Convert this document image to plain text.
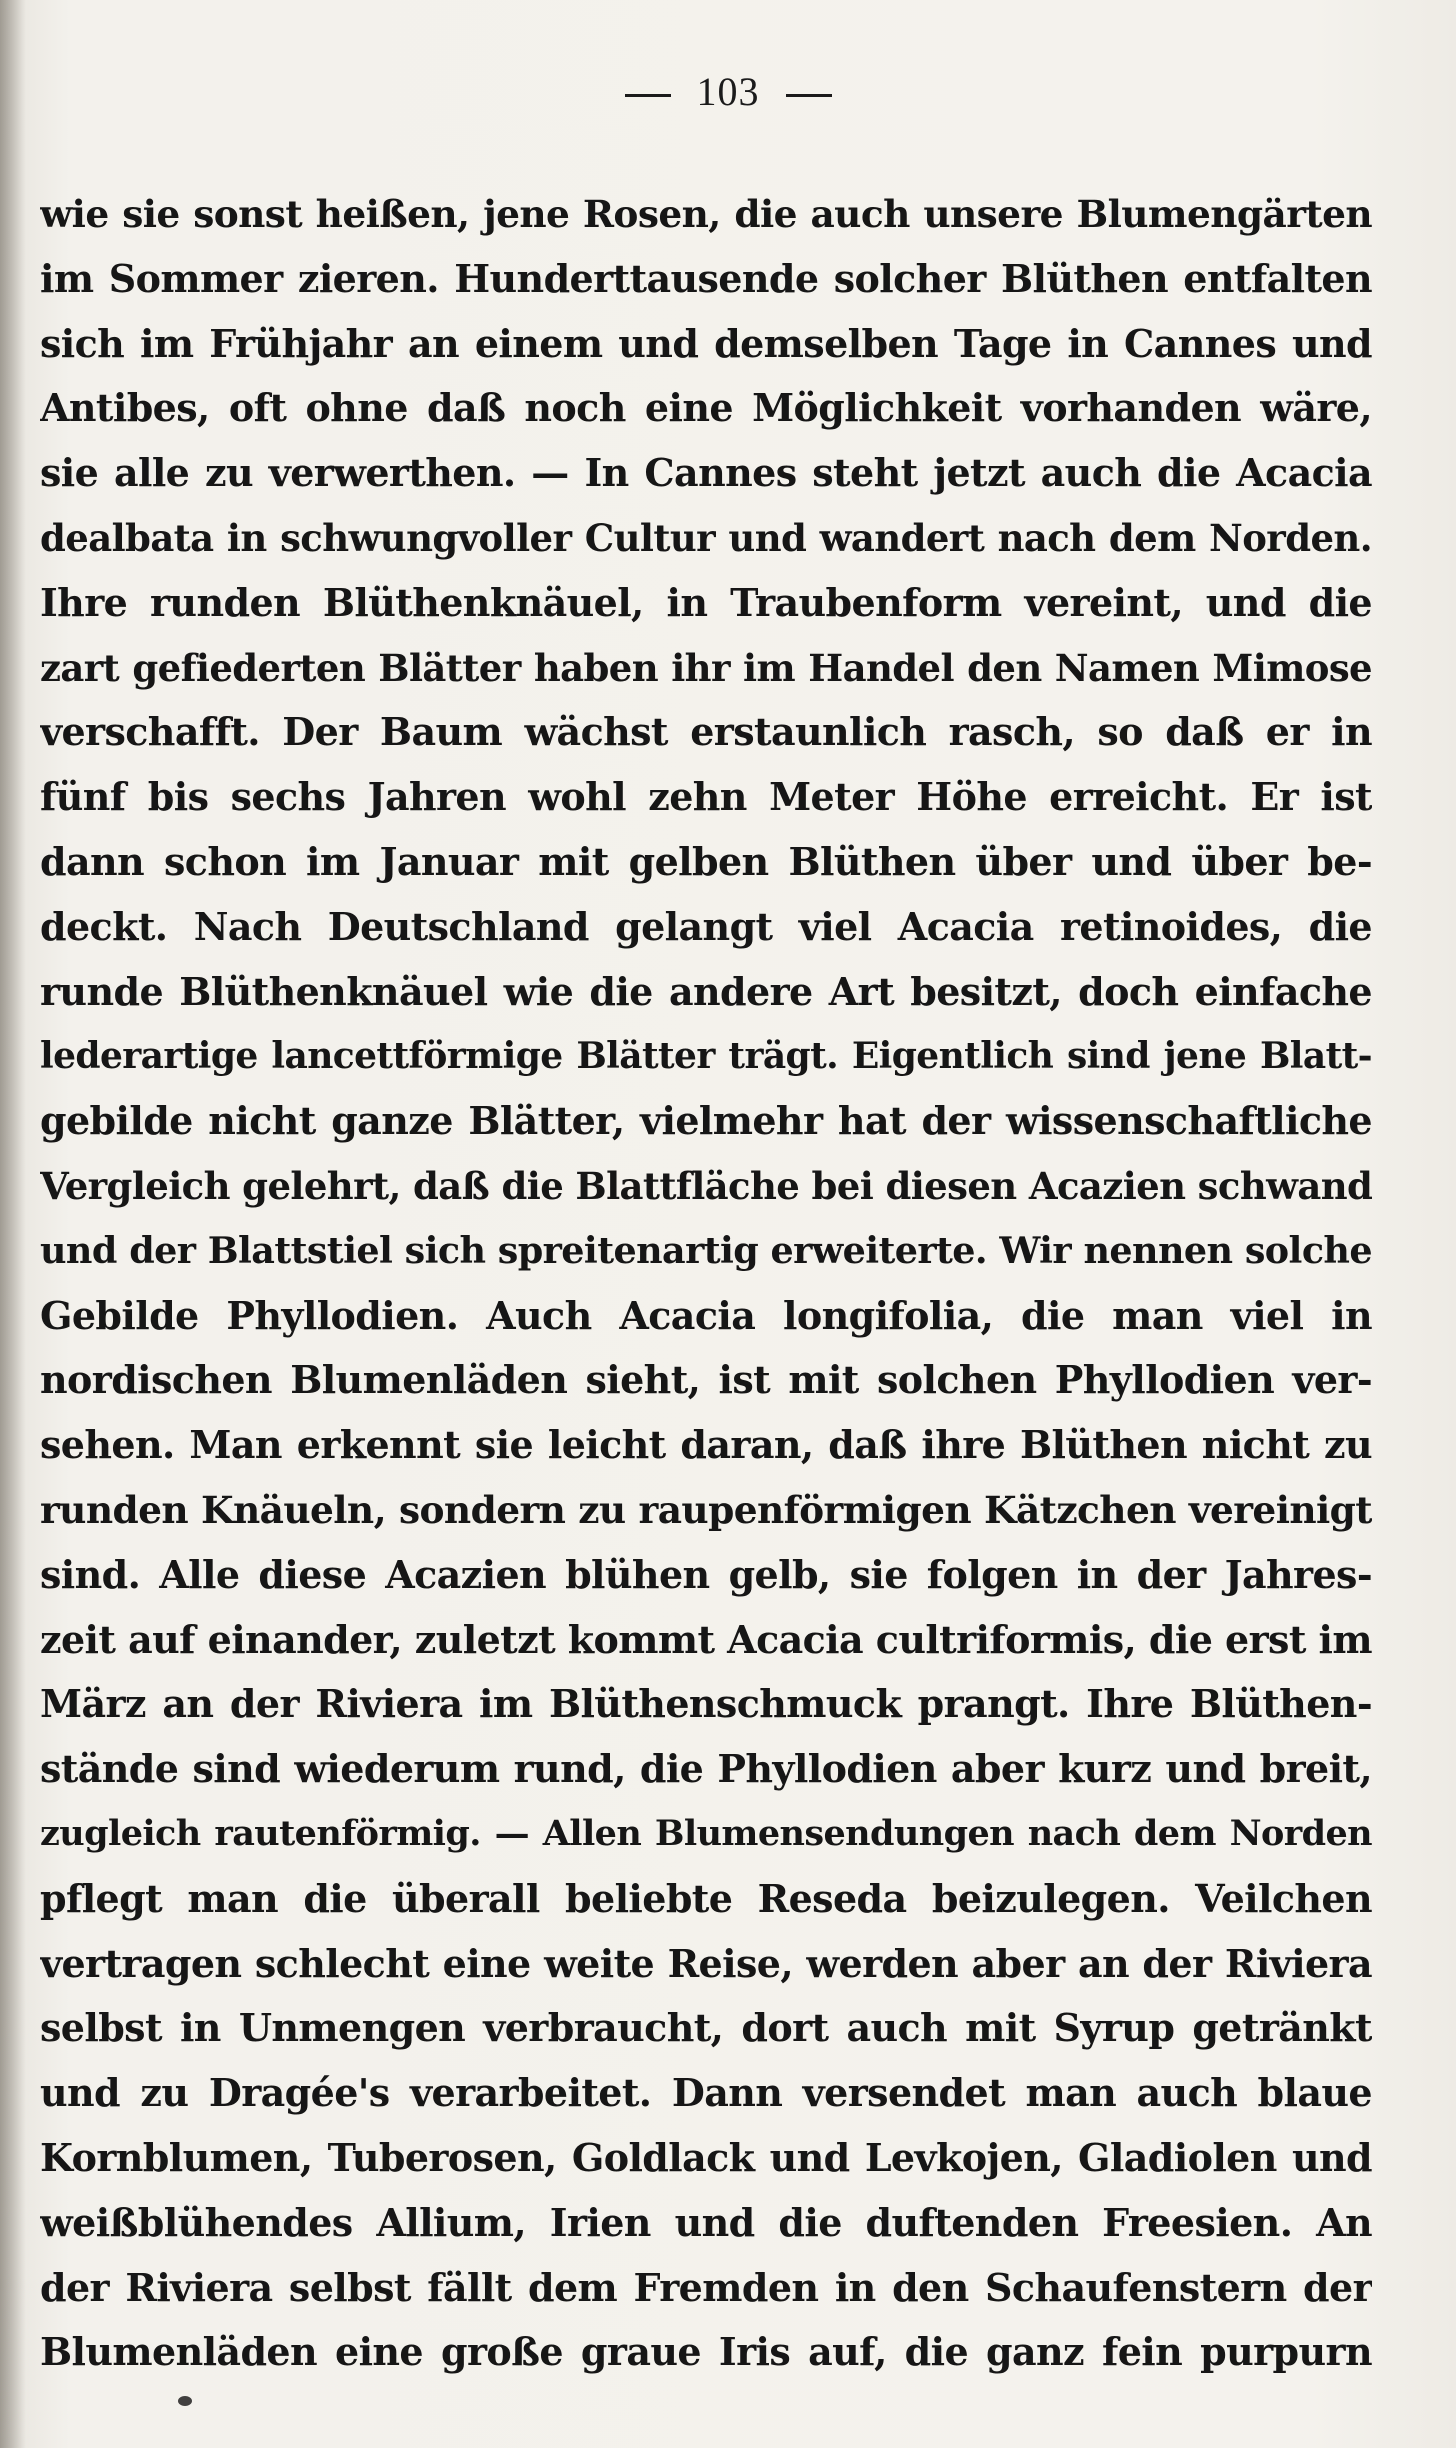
103
wie sie sonst heißen, jene Rosen, die auch unsere Blumengärten
im Sommer zieren. Hunderttausende solcher Blüthen entfalten
sich im Frühjahr an einem und demselben Tage in Cannes und
Antibes, oft ohne daß noch eine Möglichkeit vorhanden wäre,
sie alle zu verwerthen. — In Cannes steht jetzt auch die Acacia
dealbata in schwungvoller Cultur und wandert nach dem Norden.
Ihre runden Blüthenknäuel, in Traubenform vereint, und die
zart gefiederten Blätter haben ihr im Handel den Namen Mimose
verschafft. Der Baum wächst erstaunlich rasch, so daß er in
fünf bis sechs Jahren wohl zehn Meter Höhe erreicht. Er ist
dann schon im Januar mit gelben Blüthen über und über be-
deckt. Nach Deutschland gelangt viel Acacia retinoides, die
runde Blüthenknäuel wie die andere Art besitzt, doch einfache
lederartige lancettförmige Blätter trägt. Eigentlich sind jene Blatt-
gebilde nicht ganze Blätter, vielmehr hat der wissenschaftliche
Vergleich gelehrt, daß die Blattfläche bei diesen Acazien schwand
und der Blattstiel sich spreitenartig erweiterte. Wir nennen solche
Gebilde Phyllodien. Auch Acacia longifolia, die man viel in
nordischen Blumenläden sieht, ist mit solchen Phyllodien ver-
sehen. Man erkennt sie leicht daran, daß ihre Blüthen nicht zu
runden Knäueln, sondern zu raupenförmigen Kätzchen vereinigt
sind. Alle diese Acazien blühen gelb, sie folgen in der Jahres-
zeit auf einander, zuletzt kommt Acacia cultriformis, die erst im
März an der Riviera im Blüthenschmuck prangt. Ihre Blüthen-
stände sind wiederum rund, die Phyllodien aber kurz und breit,
zugleich rautenförmig. — Allen Blumensendungen nach dem Norden
pflegt man die überall beliebte Reseda beizulegen. Veilchen
vertragen schlecht eine weite Reise, werden aber an der Riviera
selbst in Unmengen verbraucht, dort auch mit Syrup getränkt
und zu Dragée's verarbeitet. Dann versendet man auch blaue
Kornblumen, Tuberosen, Goldlack und Levkojen, Gladiolen und
weißblühendes Allium, Irien und die duftenden Freesien. An
der Riviera selbst fällt dem Fremden in den Schaufenstern der
Blumenläden eine große graue Iris auf, die ganz fein purpurn
